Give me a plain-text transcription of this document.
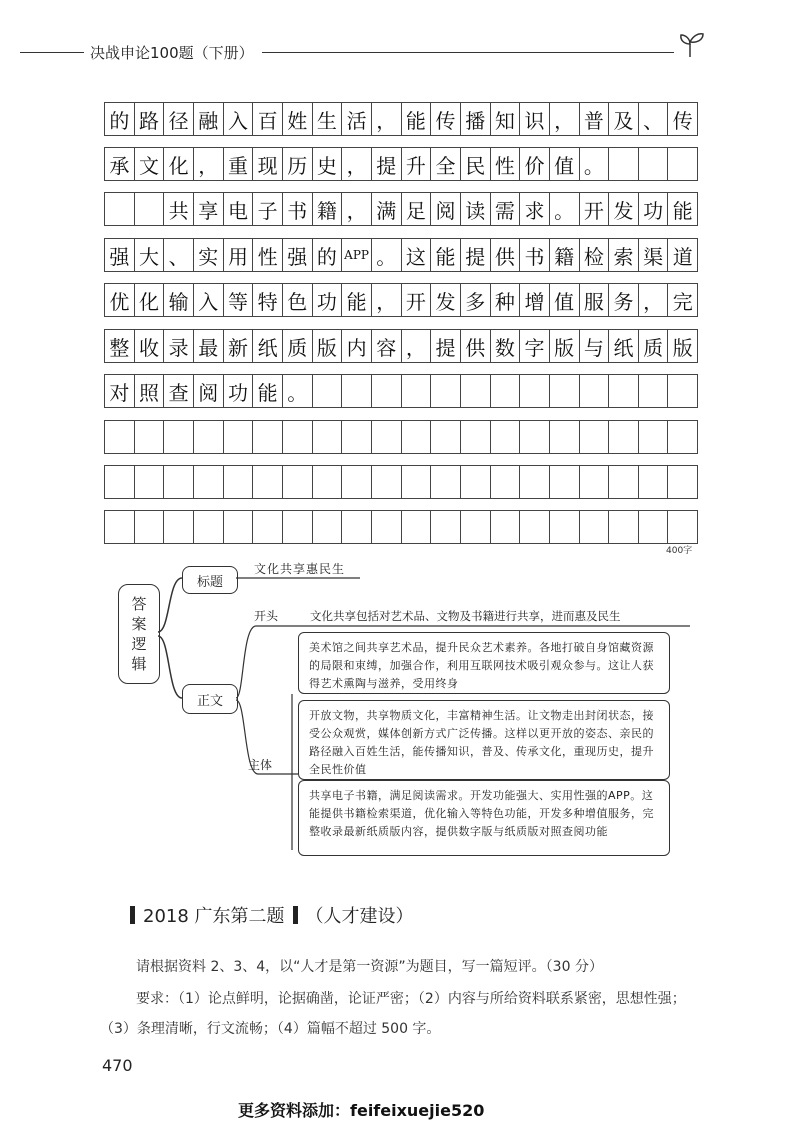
决战申论100题（下册）
的 路 径 融 入 百 姓 生 活 ， 能 传 播 知 识 ， 普 及 、 传
承 文 化 ， 重 现 历 史 ， 提 升 全 民 性 价 值 。
共 享 电 子 书 籍 ， 满 足 阅 读 需 求 。 开 发 功 能
强 大 、 实 用 性 强 的 APP 。 这 能 提 供 书 籍 检 索 渠 道
优 化 输 入 等 特 色 功 能 ， 开 发 多 种 增 值 服 务 ， 完
整 收 录 最 新 纸 质 版 内 容 ， 提 供 数 字 版 与 纸 质 版
对 照 查 阅 功 能 。
400字
答
案
逻
辑
标题
文化共享惠民生
正文
开头	文化共享包括对艺术品、文物及书籍进行共享，进而惠及民生
主体
美术馆之间共享艺术品，提升民众艺术素养。各地打破自身馆藏资源的局限和束缚，加强合作，利用互联网技术吸引观众参与。这让人获得艺术熏陶与滋养，受用终身
开放文物，共享物质文化，丰富精神生活。让文物走出封闭状态，接受公众观赏，媒体创新方式广泛传播。这样以更开放的姿态、亲民的路径融入百姓生活，能传播知识，普及、传承文化，重现历史，提升全民性价值
共享电子书籍，满足阅读需求。开发功能强大、实用性强的APP。这能提供书籍检索渠道，优化输入等特色功能，开发多种增值服务，完整收录最新纸质版内容，提供数字版与纸质版对照查阅功能
2018 广东第二题 （人才建设）
请根据资料 2、3、4，以“人才是第一资源”为题目，写一篇短评。（30 分）
要求：（1）论点鲜明，论据确凿，论证严密；（2）内容与所给资料联系紧密，思想性强；
（3）条理清晰，行文流畅；（4）篇幅不超过 500 字。
470
更多资料添加：feifeixuejie520
